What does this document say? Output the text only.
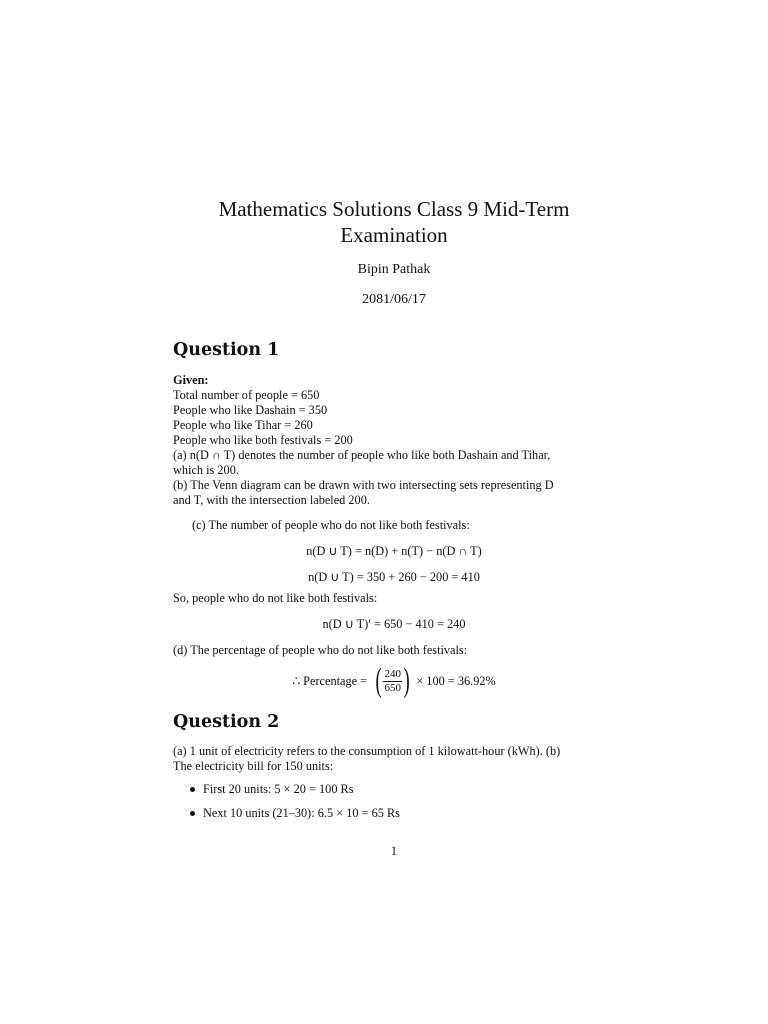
Mathematics Solutions Class 9 Mid-Term
Examination
Bipin Pathak
2081/06/17
Question 1
Given:
Total number of people = 650
People who like Dashain = 350
People who like Tihar = 260
People who like both festivals = 200
(a) n(D ∩ T) denotes the number of people who like both Dashain and Tihar,
which is 200.
(b) The Venn diagram can be drawn with two intersecting sets representing D
and T, with the intersection labeled 200.
(c) The number of people who do not like both festivals:
n(D ∪ T) = n(D) + n(T) − n(D ∩ T)
n(D ∪ T) = 350 + 260 − 200 = 410
So, people who do not like both festivals:
n(D ∪ T)′ = 650 − 410 = 240
(d) The percentage of people who do not like both festivals:
∴ Percentage = ( $\frac{240}{650}$ ) × 100 = 36.92%
Question 2
(a) 1 unit of electricity refers to the consumption of 1 kilowatt-hour (kWh). (b)
The electricity bill for 150 units:
First 20 units: 5 × 20 = 100 Rs
Next 10 units (21–30): 6.5 × 10 = 65 Rs
1
